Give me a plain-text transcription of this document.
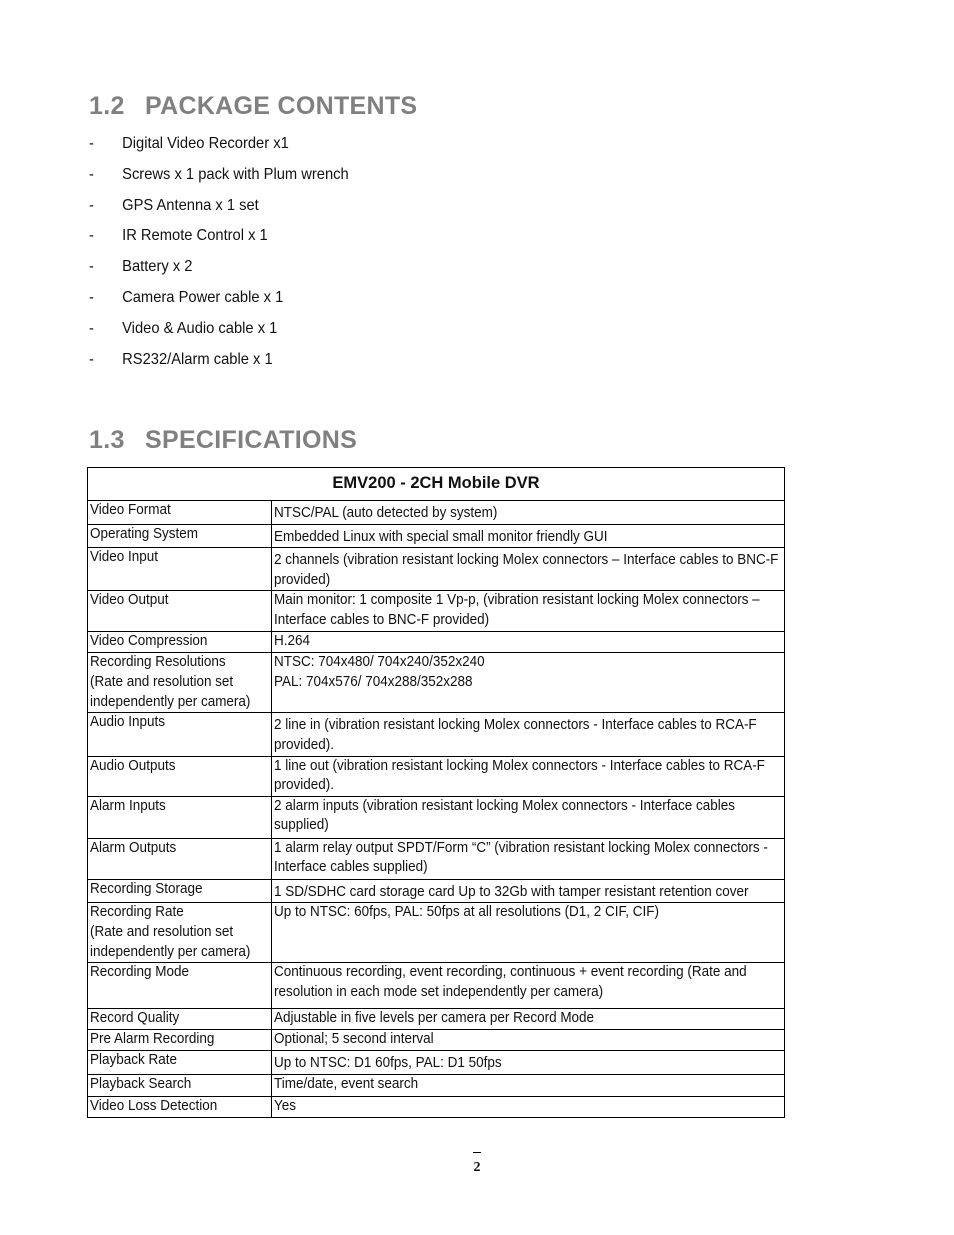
1.2 PACKAGE CONTENTS
-	Digital Video Recorder x1
-	Screws x 1 pack with Plum wrench
-	GPS Antenna x 1 set
-	IR Remote Control x 1
-	Battery x 2
-	Camera Power cable x 1
-	Video & Audio cable x 1
-	RS232/Alarm cable x 1
1.3 SPECIFICATIONS
EMV200 - 2CH Mobile DVR	

Video Format	NTSC/PAL (auto detected by system)

Operating System	Embedded Linux with special small monitor friendly GUI

Video Input	2 channels (vibration resistant locking Molex connectors – Interface cables to BNC-F provided)

Video Output	Main monitor: 1 composite 1 Vp-p, (vibration resistant locking Molex connectors – Interface cables to BNC-F provided)

Video Compression	H.264

Recording Resolutions
(Rate and resolution set independently per camera)	NTSC: 704x480/ 704x240/352x240
PAL: 704x576/ 704x288/352x288

Audio Inputs	2 line in (vibration resistant locking Molex connectors - Interface cables to RCA-F provided).

Audio Outputs	1 line out (vibration resistant locking Molex connectors - Interface cables to RCA-F provided).

Alarm Inputs	2 alarm inputs (vibration resistant locking Molex connectors - Interface cables supplied)

Alarm Outputs	1 alarm relay output SPDT/Form “C” (vibration resistant locking Molex connectors - Interface cables supplied)

Recording Storage	1 SD/SDHC card storage card Up to 32Gb with tamper resistant retention cover

Recording Rate
(Rate and resolution set independently per camera)	Up to NTSC: 60fps, PAL: 50fps at all resolutions (D1, 2 CIF, CIF)

Recording Mode	Continuous recording, event recording, continuous + event recording (Rate and resolution in each mode set independently per camera)

Record Quality	Adjustable in five levels per camera per Record Mode

Pre Alarm Recording	Optional; 5 second interval

Playback Rate	Up to NTSC: D1 60fps, PAL: D1 50fps

Playback Search	Time/date, event search

Video Loss Detection	Yes
2
